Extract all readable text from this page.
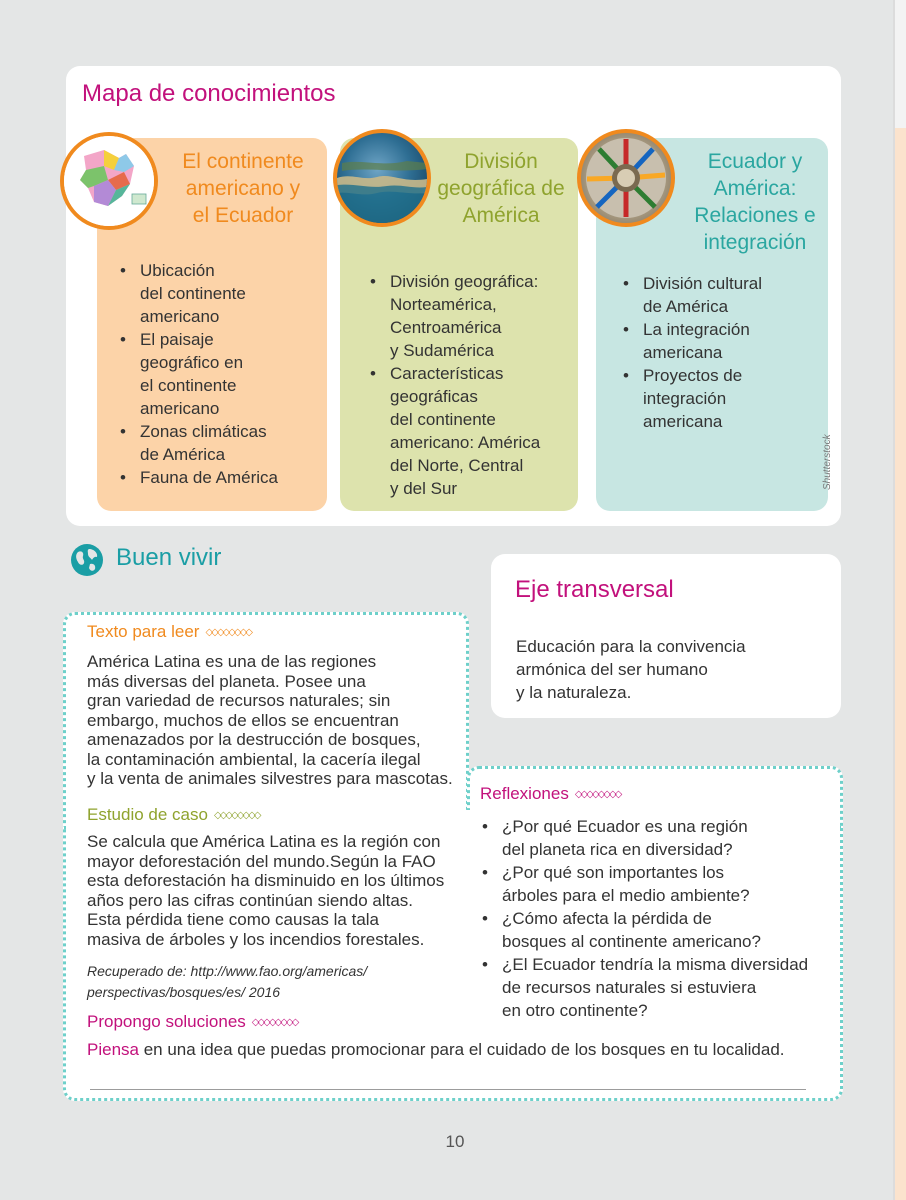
Mapa de conocimientos
El continente americano y el Ecuador
División geográfica de América
Ecuador y América: Relaciones e integración
• Ubicación
del continente
americano
• El paisaje
geográfico en
el continente
americano
• Zonas climáticas
de América
• Fauna de América
• División geográfica:
Norteamérica,
Centroamérica
y Sudamérica
• Características
geográficas
del continente
americano: América
del Norte, Central
y del Sur
• División cultural
de América
• La integración
americana
• Proyectos de
integración
americana
Shutterstock
Buen vivir
Eje transversal

Educación para la convivencia
armónica del ser humano
y la naturaleza.

Texto para leer ◇◇◇◇◇◇◇◇

América Latina es una de las regiones
más diversas del planeta. Posee una
gran variedad de recursos naturales; sin
embargo, muchos de ellos se encuentran
amenazados por la destrucción de bosques,
la contaminación ambiental, la cacería ilegal
y la venta de animales silvestres para mascotas.

Estudio de caso ◇◇◇◇◇◇◇◇

Se calcula que América Latina es la región con
mayor deforestación del mundo.Según la FAO
esta deforestación ha disminuido en los últimos
años pero las cifras continúan siendo altas.
Esta pérdida tiene como causas la tala
masiva de árboles y los incendios forestales.

Recuperado de: http://www.fao.org/americas/
perspectivas/bosques/es/ 2016

Reflexiones ◇◇◇◇◇◇◇◇
• ¿Por qué Ecuador es una región
del planeta rica en diversidad?
• ¿Por qué son importantes los
árboles para el medio ambiente?
• ¿Cómo afecta la pérdida de
bosques al continente americano?
• ¿El Ecuador tendría la misma diversidad
de recursos naturales si estuviera
en otro continente?
Propongo soluciones ◇◇◇◇◇◇◇◇

Piensa en una idea que puedas promocionar para el cuidado de los bosques en tu localidad.

10
